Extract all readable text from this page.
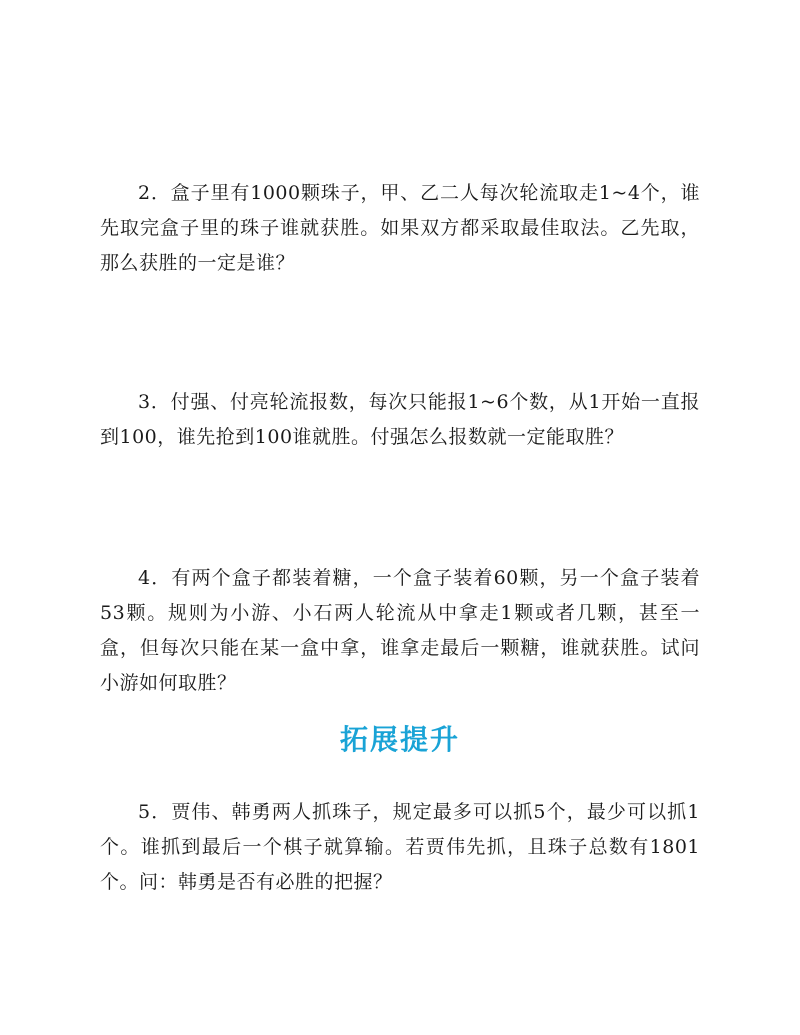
2．盒子里有1000颗珠子，甲、乙二人每次轮流取走1~4个，谁先取完盒子里的珠子谁就获胜。如果双方都采取最佳取法。乙先取，那么获胜的一定是谁？

3．付强、付亮轮流报数，每次只能报1~6个数，从1开始一直报到100，谁先抢到100谁就胜。付强怎么报数就一定能取胜？

4．有两个盒子都装着糖，一个盒子装着60颗，另一个盒子装着53颗。规则为小游、小石两人轮流从中拿走1颗或者几颗，甚至一盒，但每次只能在某一盒中拿，谁拿走最后一颗糖，谁就获胜。试问小游如何取胜？

拓展提升

5．贾伟、韩勇两人抓珠子，规定最多可以抓5个，最少可以抓1个。谁抓到最后一个棋子就算输。若贾伟先抓，且珠子总数有1801个。问：韩勇是否有必胜的把握？
